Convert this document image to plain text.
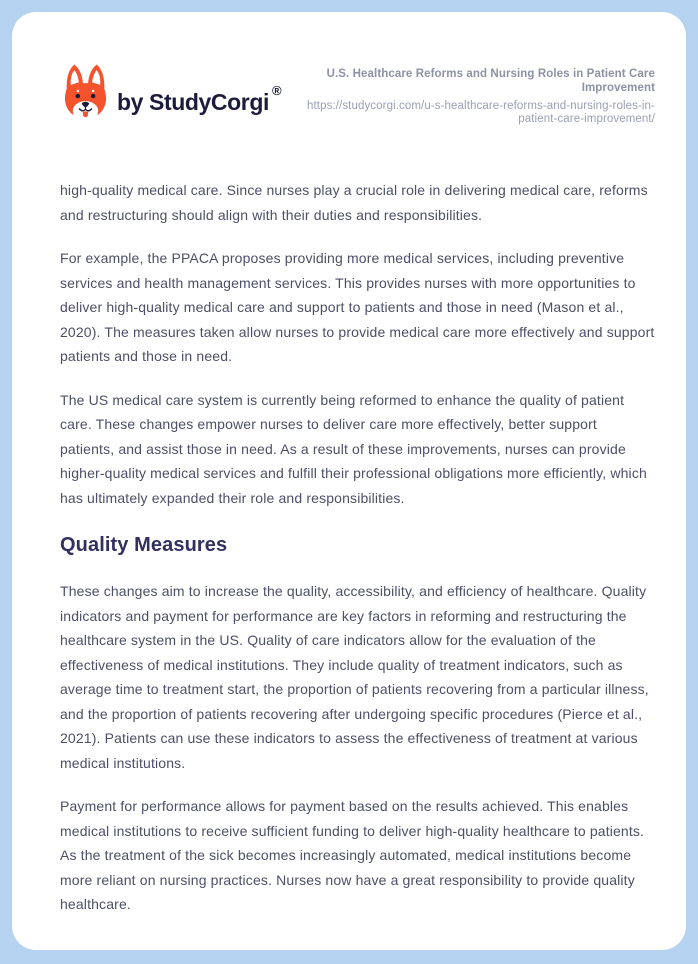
by StudyCorgi ®
U.S. Healthcare Reforms and Nursing Roles in Patient Care Improvement
https://studycorgi.com/u-s-healthcare-reforms-and-nursing-roles-in-patient-care-improvement/

high-quality medical care. Since nurses play a crucial role in delivering medical care, reforms and restructuring should align with their duties and responsibilities.

For example, the PPACA proposes providing more medical services, including preventive services and health management services. This provides nurses with more opportunities to deliver high-quality medical care and support to patients and those in need (Mason et al., 2020). The measures taken allow nurses to provide medical care more effectively and support patients and those in need.

The US medical care system is currently being reformed to enhance the quality of patient care. These changes empower nurses to deliver care more effectively, better support patients, and assist those in need. As a result of these improvements, nurses can provide higher-quality medical services and fulfill their professional obligations more efficiently, which has ultimately expanded their role and responsibilities.

Quality Measures

These changes aim to increase the quality, accessibility, and efficiency of healthcare. Quality indicators and payment for performance are key factors in reforming and restructuring the healthcare system in the US. Quality of care indicators allow for the evaluation of the effectiveness of medical institutions. They include quality of treatment indicators, such as average time to treatment start, the proportion of patients recovering from a particular illness, and the proportion of patients recovering after undergoing specific procedures (Pierce et al., 2021). Patients can use these indicators to assess the effectiveness of treatment at various medical institutions.

Payment for performance allows for payment based on the results achieved. This enables medical institutions to receive sufficient funding to deliver high-quality healthcare to patients. As the treatment of the sick becomes increasingly automated, medical institutions become more reliant on nursing practices. Nurses now have a great responsibility to provide quality healthcare.
